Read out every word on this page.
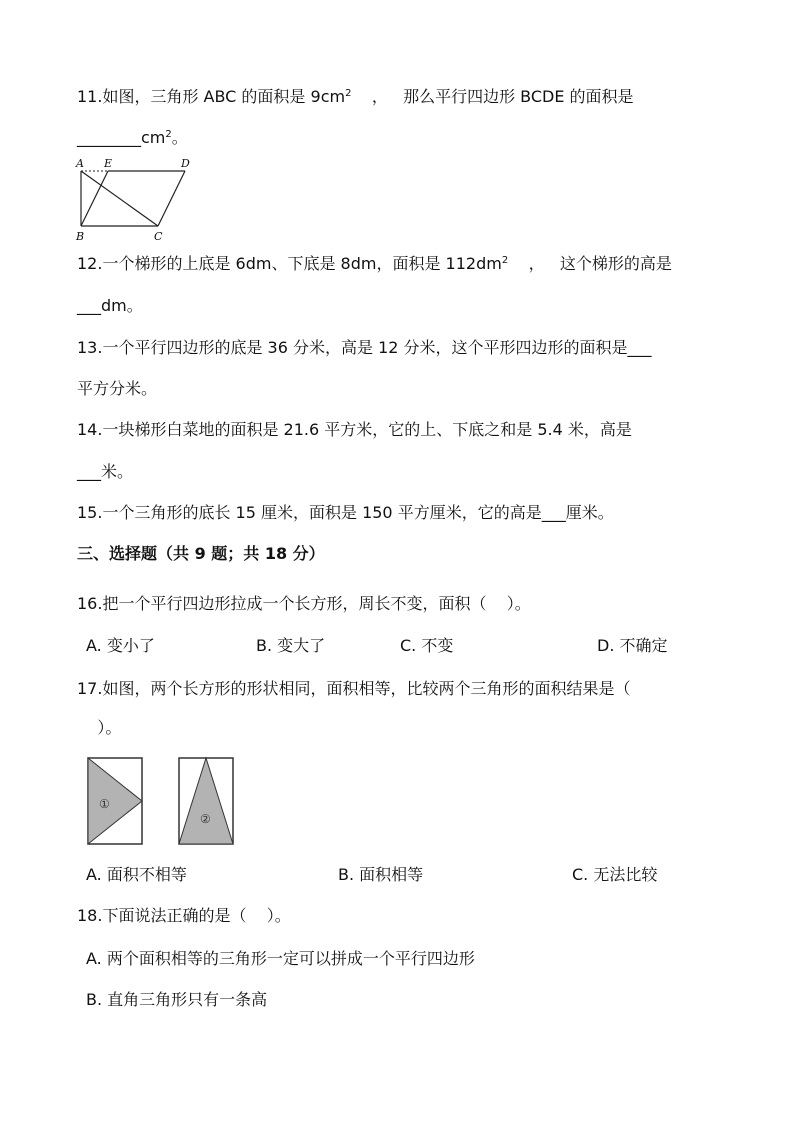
11.如图，三角形 ABC 的面积是 $9cm^2$    ，   那么平行四边形 BCDE 的面积是
$\_\_\_\_\_\_\_\_cm^2$。
A E	D
B	C
12.一个梯形的上底是 6dm、下底是 8dm，面积是 $112dm^2$    ，   这个梯形的高是
___dm。
13.一个平行四边形的底是 36 分米，高是 12 分米，这个平形四边形的面积是___
平方分米。
14.一块梯形白菜地的面积是 21.6 平方米，它的上、下底之和是 5.4 米，高是
___米。
15.一个三角形的底长 15 厘米，面积是 150 平方厘米，它的高是___厘米。
三、选择题（共 9 题；共 18 分）
16.把一个平行四边形拉成一个长方形，周长不变，面积（    ）。
A. 变小了	B. 变大了	C. 不变	D. 不确定
17.如图，两个长方形的形状相同，面积相等，比较两个三角形的面积结果是（
）。
①
②
A. 面积不相等	B. 面积相等	C. 无法比较
18.下面说法正确的是（    ）。
A. 两个面积相等的三角形一定可以拼成一个平行四边形
B. 直角三角形只有一条高
